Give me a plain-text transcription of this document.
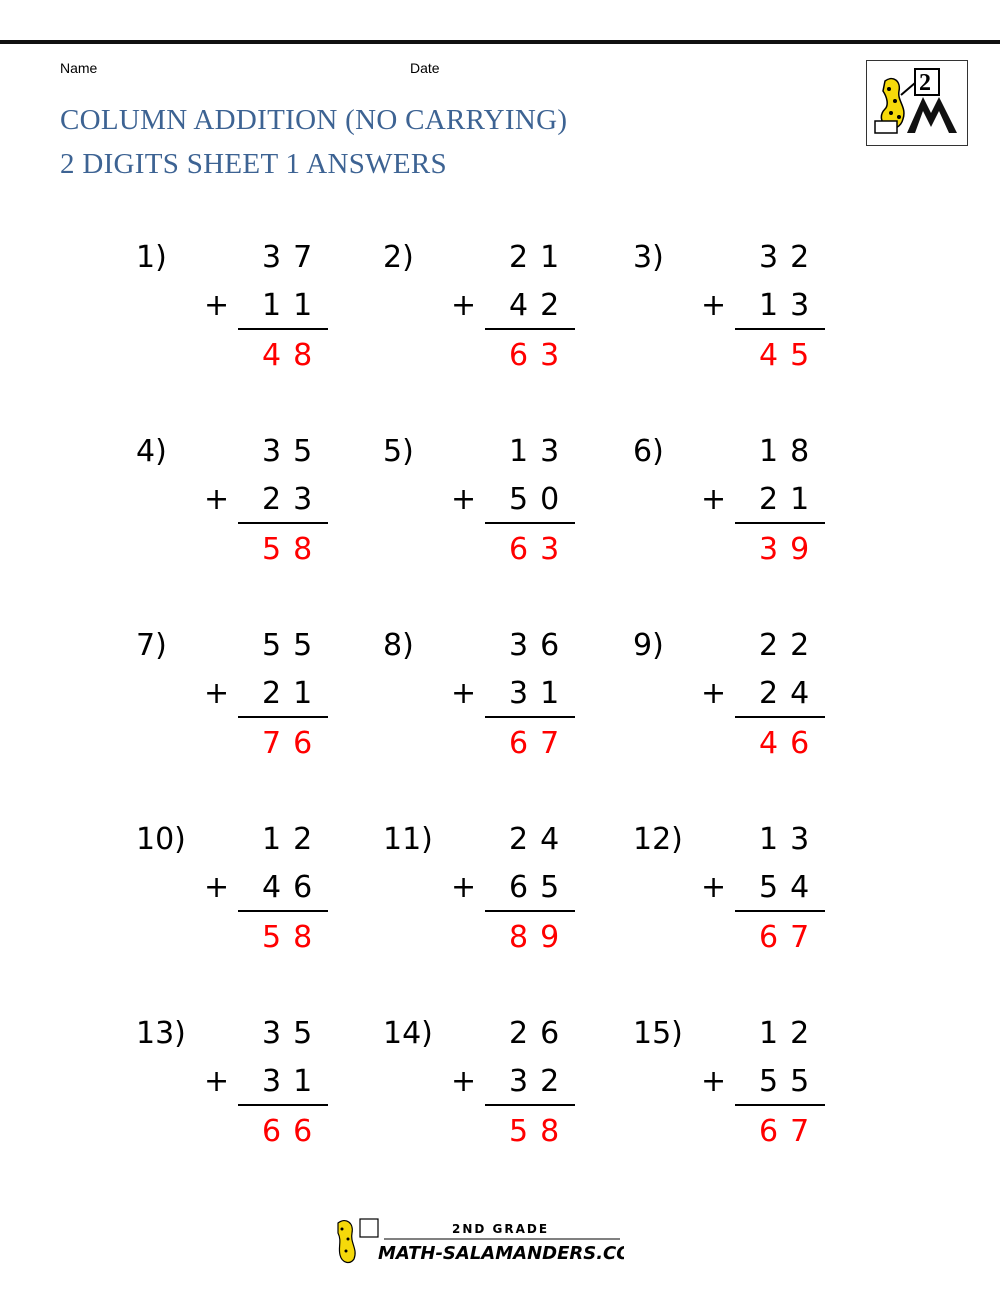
Name	Date
COLUMN ADDITION (NO CARRYING)
2 DIGITS SHEET 1 ANSWERS
2
1)	37
+ 11
48
2)	21
+ 42
63
3)	32
+ 13
45
4)	35
+ 23
58
5)	13
+ 50
63
6)	18
+ 21
39
7)	55
+ 21
76
8)	36
+ 31
67
9)	22
+ 24
46
10)	12
+ 46
58
11)	24
+ 65
89
12)	13
+ 54
67
13)	35
+ 31
66
14)	26
+ 32
58
15)	12
+ 55
67
2ND GRADE
MATH-SALAMANDERS.COM
